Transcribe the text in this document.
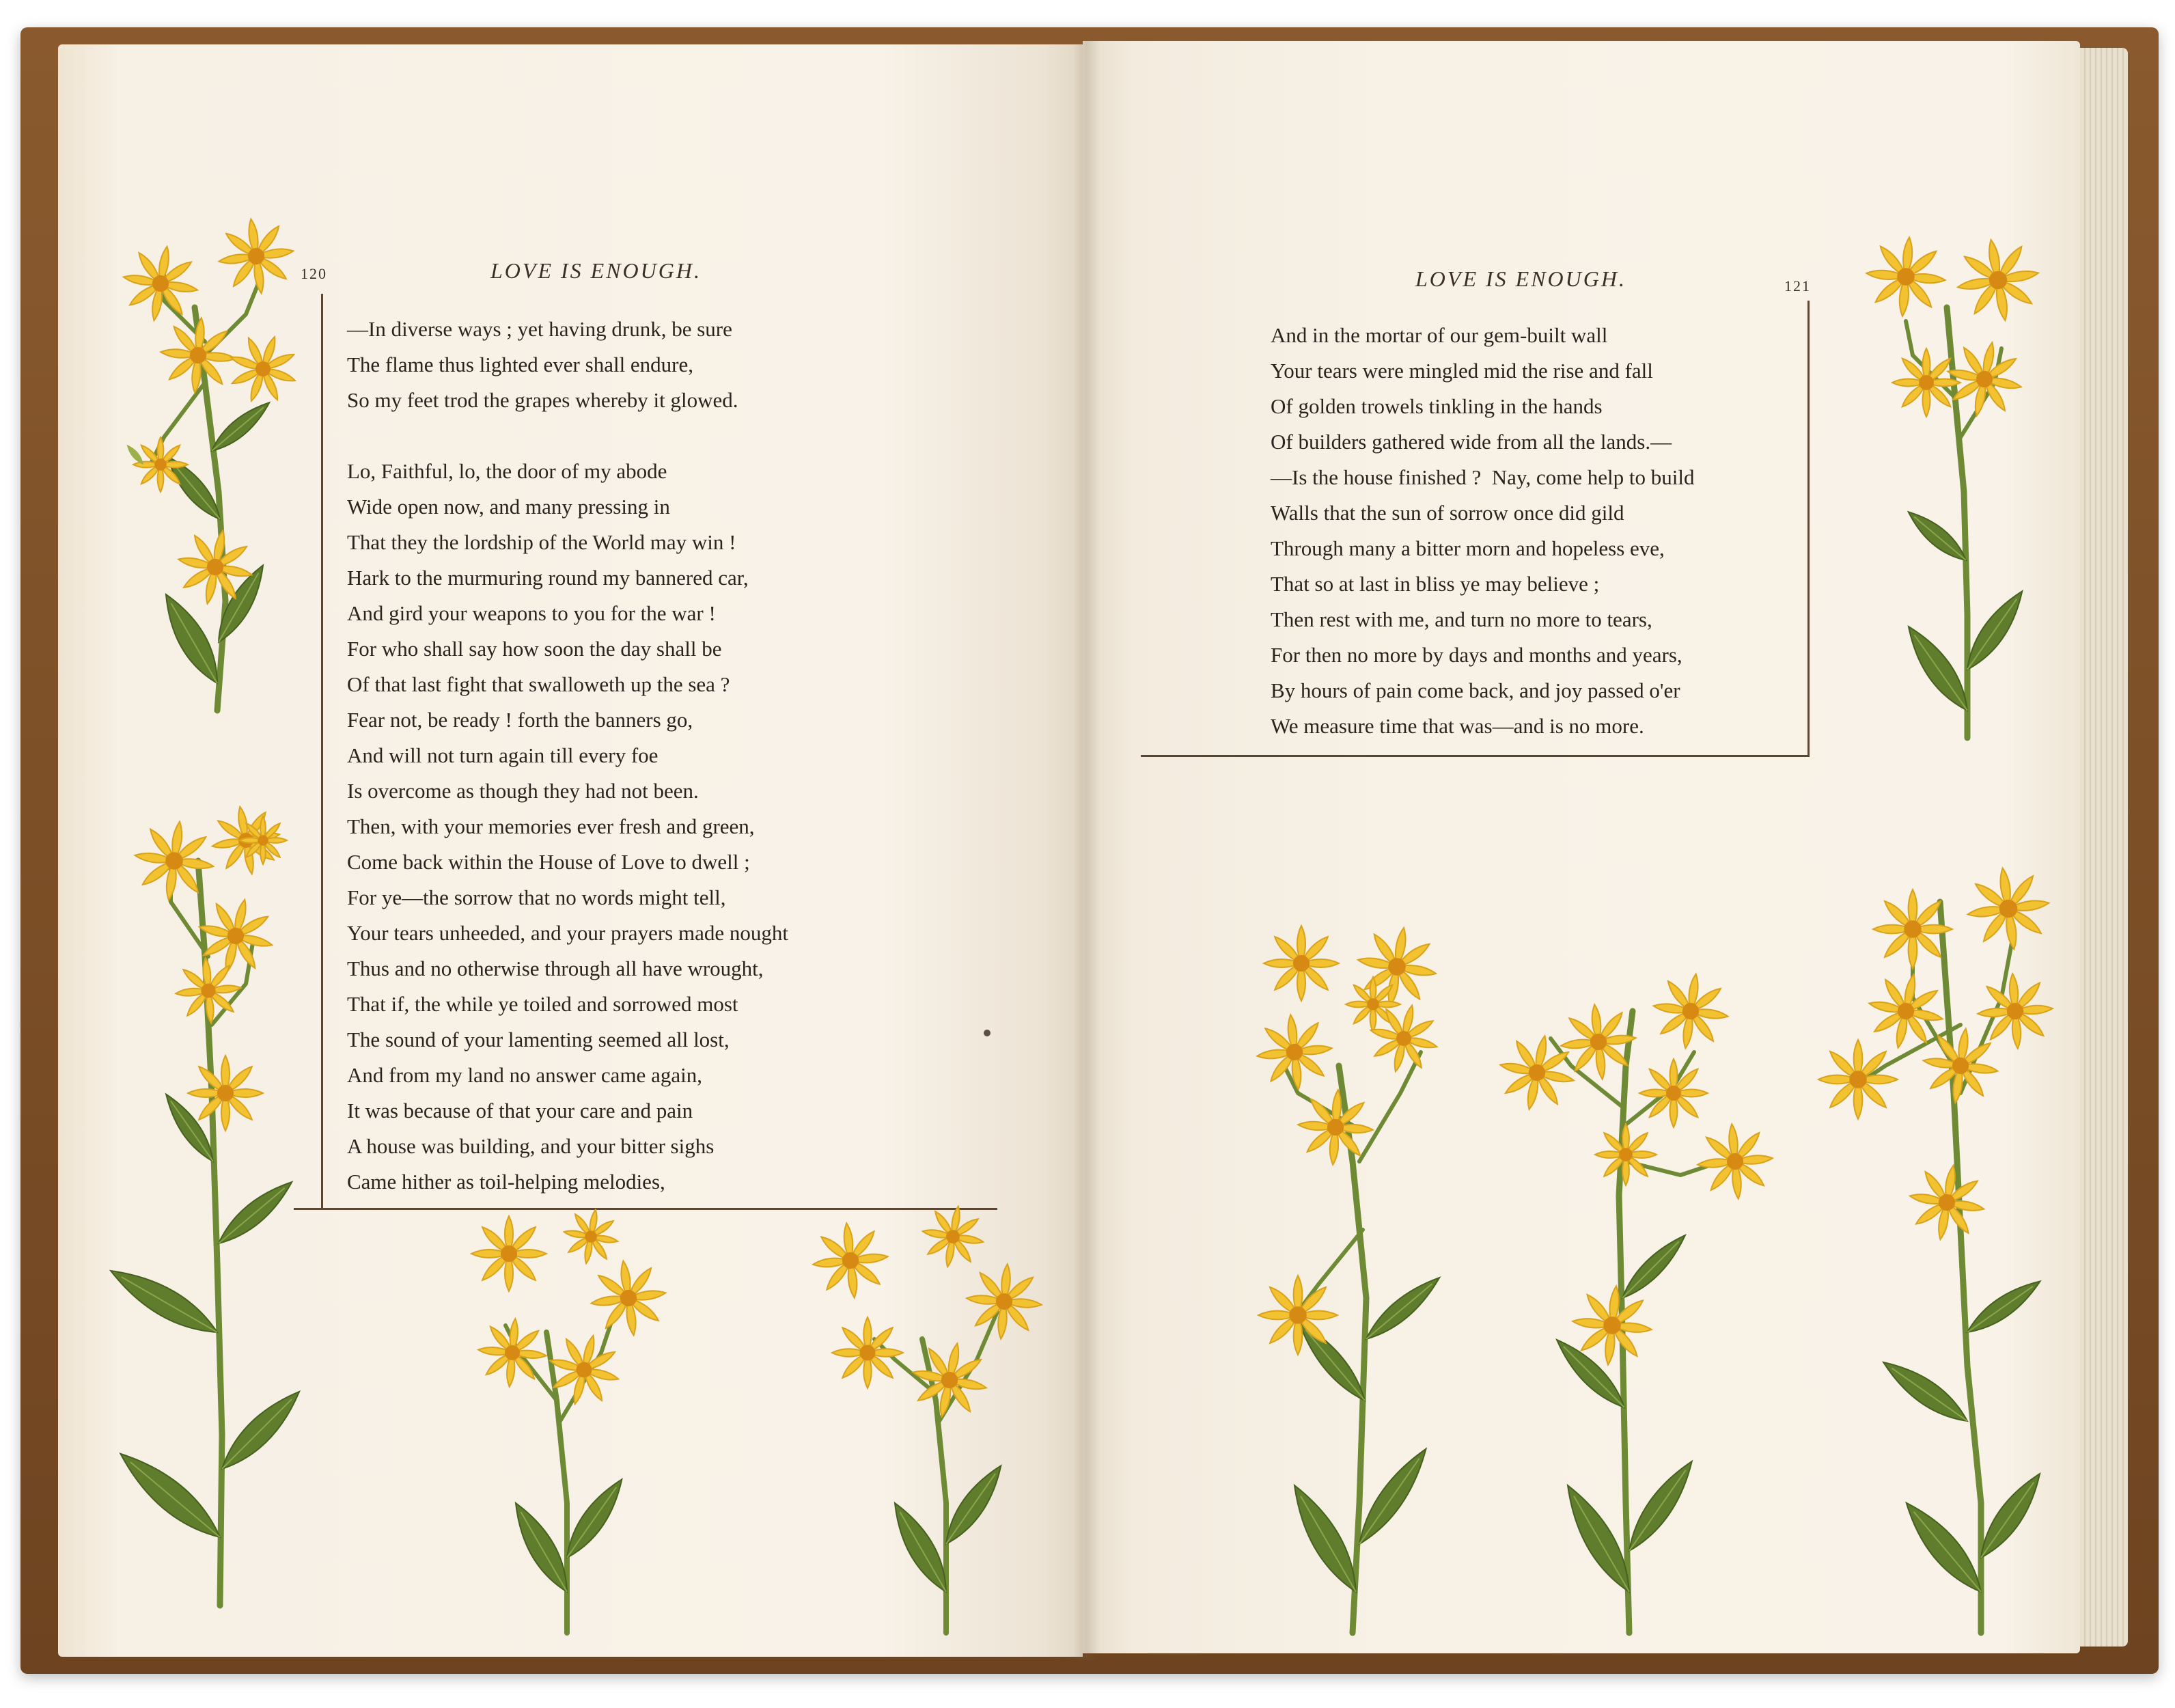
120	LOVE IS ENOUGH.
—In diverse ways ; yet having drunk, be sure
The flame thus lighted ever shall endure,
So my feet trod the grapes whereby it glowed.
Lo, Faithful, lo, the door of my abode
Wide open now, and many pressing in
That they the lordship of the World may win !
Hark to the murmuring round my bannered car,
And gird your weapons to you for the war !
For who shall say how soon the day shall be
Of that last fight that swalloweth up the sea ?
Fear not, be ready ! forth the banners go,
And will not turn again till every foe
Is overcome as though they had not been.
Then, with your memories ever fresh and green,
Come back within the House of Love to dwell ;
For ye—the sorrow that no words might tell,
Your tears unheeded, and your prayers made nought
Thus and no otherwise through all have wrought,
That if, the while ye toiled and sorrowed most
The sound of your lamenting seemed all lost,
And from my land no answer came again,
It was because of that your care and pain
A house was building, and your bitter sighs
Came hither as toil-helping melodies,
LOVE IS ENOUGH.	121
And in the mortar of our gem-built wall
Your tears were mingled mid the rise and fall
Of golden trowels tinkling in the hands
Of builders gathered wide from all the lands.—
—Is the house finished ?  Nay, come help to build
Walls that the sun of sorrow once did gild
Through many a bitter morn and hopeless eve,
That so at last in bliss ye may believe ;
Then rest with me, and turn no more to tears,
For then no more by days and months and years,
By hours of pain come back, and joy passed o'er
We measure time that was—and is no more.
